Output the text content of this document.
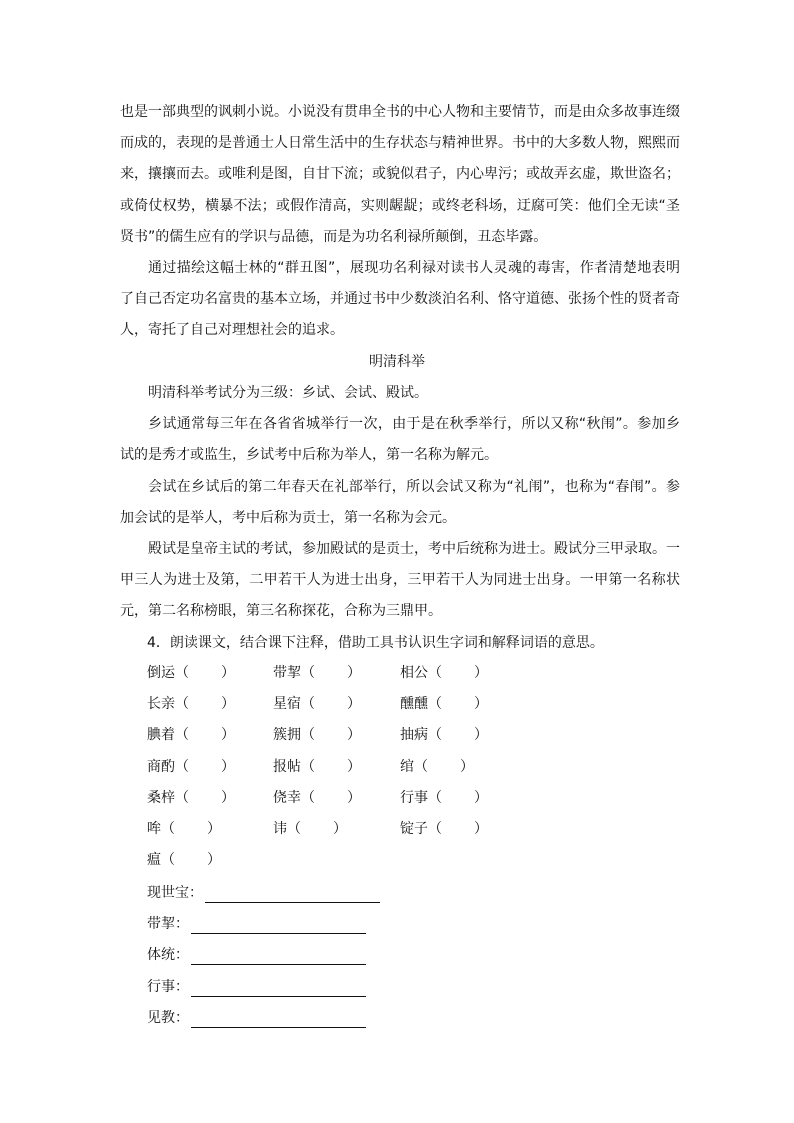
也是一部典型的讽刺小说。小说没有贯串全书的中心人物和主要情节，而是由众多故事连缀而成的，表现的是普通士人日常生活中的生存状态与精神世界。书中的大多数人物，熙熙而来，攘攘而去。或唯利是图，自甘下流；或貌似君子，内心卑污；或故弄玄虚，欺世盗名；或倚仗权势，横暴不法；或假作清高，实则龌龊；或终老科场，迂腐可笑：他们全无读“圣贤书”的儒生应有的学识与品德，而是为功名利禄所颠倒，丑态毕露。

通过描绘这幅士林的“群丑图”，展现功名利禄对读书人灵魂的毒害，作者清楚地表明了自己否定功名富贵的基本立场，并通过书中少数淡泊名利、恪守道德、张扬个性的贤者奇人，寄托了自己对理想社会的追求。

明清科举

明清科举考试分为三级：乡试、会试、殿试。

乡试通常每三年在各省省城举行一次，由于是在秋季举行，所以又称“秋闱”。参加乡试的是秀才或监生，乡试考中后称为举人，第一名称为解元。

会试在乡试后的第二年春天在礼部举行，所以会试又称为“礼闱”，也称为“春闱”。参加会试的是举人，考中后称为贡士，第一名称为会元。

殿试是皇帝主试的考试，参加殿试的是贡士，考中后统称为进士。殿试分三甲录取。一甲三人为进士及第，二甲若干人为进士出身，三甲若干人为同进士出身。一甲第一名称状元，第二名称榜眼，第三名称探花，合称为三鼎甲。

4．朗读课文，结合课下注释，借助工具书认识生字词和解释词语的意思。

倒运（ ）	带挈（ ）	相公（ ）
长亲（ ）	星宿（ ）	醺醺（ ）
腆着（ ）	簇拥（ ）	抽病（ ）
商酌（ ）	报帖（ ）	绾（ ）
桑梓（ ）	侥幸（ ）	行事（ ）
哞（ ）	讳（ ）	锭子（ ）
瘟（ ）
现世宝：
带挈：
体统：
行事：
见教：
